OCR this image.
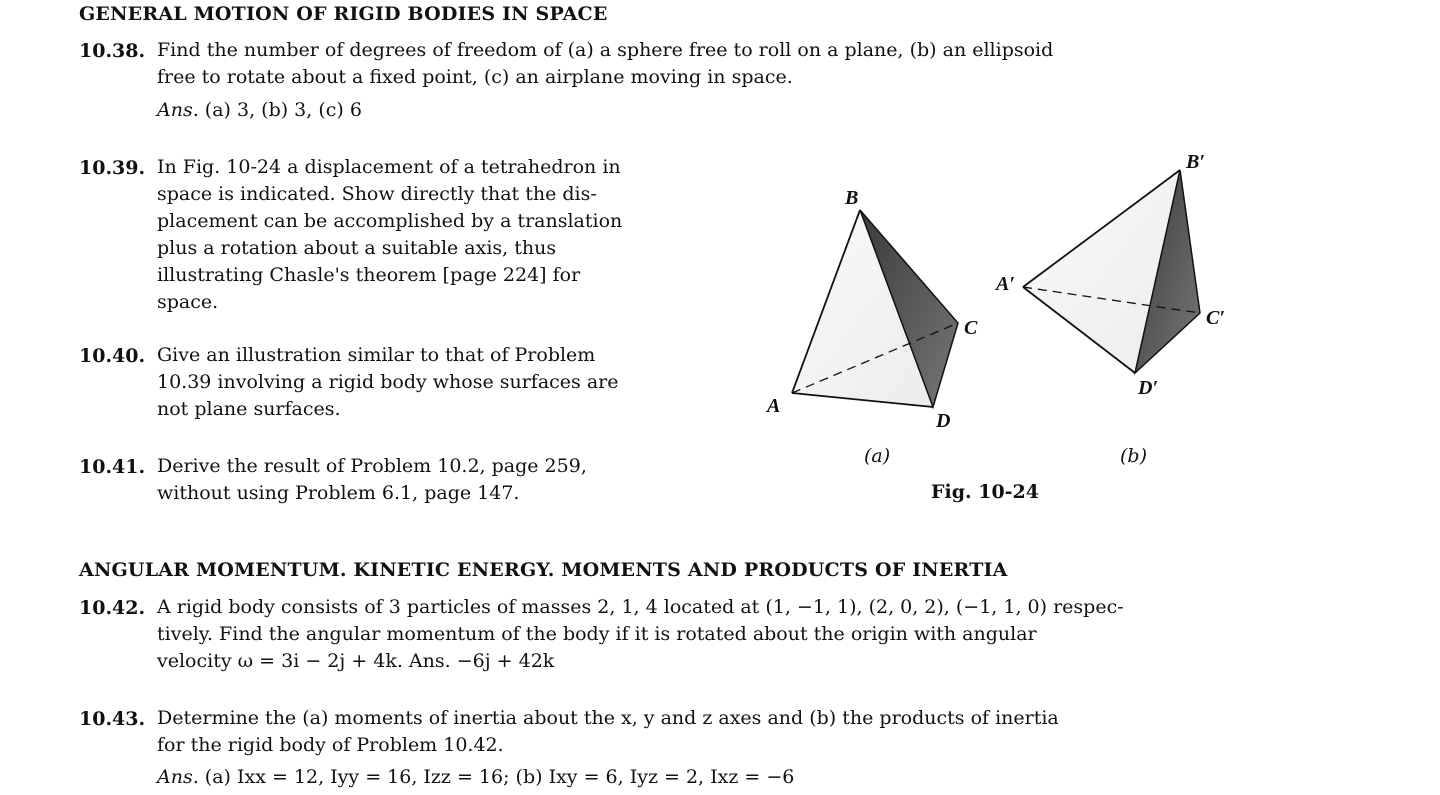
GENERAL MOTION OF RIGID BODIES IN SPACE
10.38. Find the number of degrees of freedom of (a) a sphere free to roll on a plane, (b) an ellipsoid
free to rotate about a fixed point, (c) an airplane moving in space.
Ans. (a) 3, (b) 3, (c) 6
10.39. In Fig. 10-24 a displacement of a tetrahedron in
space is indicated. Show directly that the dis-
placement can be accomplished by a translation
plus a rotation about a suitable axis, thus
illustrating Chasle's theorem [page 224] for
space.
10.40. Give an illustration similar to that of Problem
10.39 involving a rigid body whose surfaces are
not plane surfaces.
10.41. Derive the result of Problem 10.2, page 259,
without using Problem 6.1, page 147.
B
C
A
D
B′
A′
C′
D′
(a)	(b)
Fig. 10-24
ANGULAR MOMENTUM. KINETIC ENERGY. MOMENTS AND PRODUCTS OF INERTIA
10.42. A rigid body consists of 3 particles of masses 2, 1, 4 located at (1, −1, 1), (2, 0, 2), (−1, 1, 0) respec-
tively. Find the angular momentum of the body if it is rotated about the origin with angular
velocity ω = 3i − 2j + 4k. Ans. −6j + 42k
10.43. Determine the (a) moments of inertia about the x, y and z axes and (b) the products of inertia
for the rigid body of Problem 10.42.
Ans. (a) Ixx = 12, Iyy = 16, Izz = 16; (b) Ixy = 6, Iyz = 2, Ixz = −6
